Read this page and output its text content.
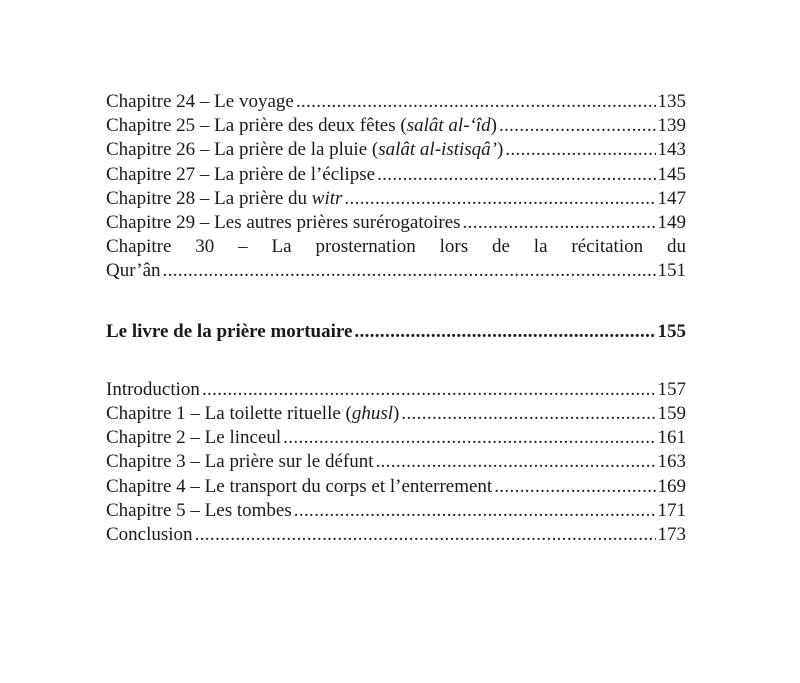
Chapitre 24 – Le voyage . . .	135
Chapitre 25 – La prière des deux fêtes (salât al-‘îd) . . .	139
Chapitre 26 – La prière de la pluie (salât al-istisqâ’) . . .	143
Chapitre 27 – La prière de l’éclipse . . .	145
Chapitre 28 – La prière du witr . . .	147
Chapitre 29 – Les autres prières surérogatoires . . .	149
Chapitre 30 – La prosternation lors de la récitation du
Qur’ân . . .	151
Le livre de la prière mortuaire . . .	155
Introduction . . .	157
Chapitre 1 – La toilette rituelle (ghusl) . . .	159
Chapitre 2 – Le linceul . . .	161
Chapitre 3 – La prière sur le défunt . . .	163
Chapitre 4 – Le transport du corps et l’enterrement . . .	169
Chapitre 5 – Les tombes . . .	171
Conclusion . . .	173
